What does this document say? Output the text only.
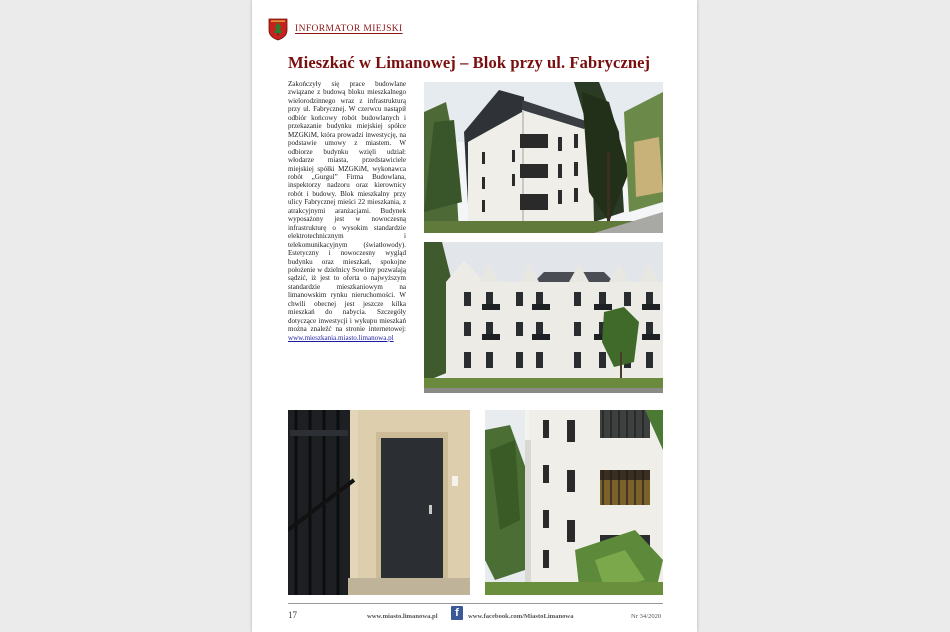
INFORMATOR MIEJSKI
Mieszkać w Limanowej – Blok przy ul. Fabrycznej
Zakończyły się prace budowlane związane z budową bloku mieszkalnego wielorodzinnego wraz z infrastrukturą przy ul. Fabrycznej. W czerwcu nastąpił odbiór końcowy robót budowlanych i przekazanie budynku miejskiej spółce MZGKiM, która prowadzi inwestycję, na podstawie umowy z miastem. W odbiorze budynku wzięli udział: włodarze miasta, przedstawiciele miejskiej spółki MZGKiM, wykonawca robót „Gurgul” Firma Budowlana, inspektorzy nadzoru oraz kierownicy robót i budowy. Blok mieszkalny przy ulicy Fabrycznej mieści 22 mieszkania, z atrakcyjnymi aranżacjami. Budynek wyposażony jest w nowoczesną infrastrukturę o wysokim standardzie elektrotechnicznym i telekomunikacyjnym (światłowody). Estetyczny i nowoczesny wygląd budynku oraz mieszkań, spokojne położenie w dzielnicy Sowliny pozwalają sądzić, iż jest to oferta o najwyższym standardzie mieszkaniowym na limanowskim rynku nieruchomości. W chwili obecnej jest jeszcze kilka mieszkań do nabycia. Szczegóły dotyczące inwestycji i wykupu mieszkań można znaleźć na stronie internetowej: www.mieszkania.miasto.limanowa.pl
17	www.miasto.limanowa.pl	f	www.facebook.com/MiastoLimanowa	Nr 34/2020
